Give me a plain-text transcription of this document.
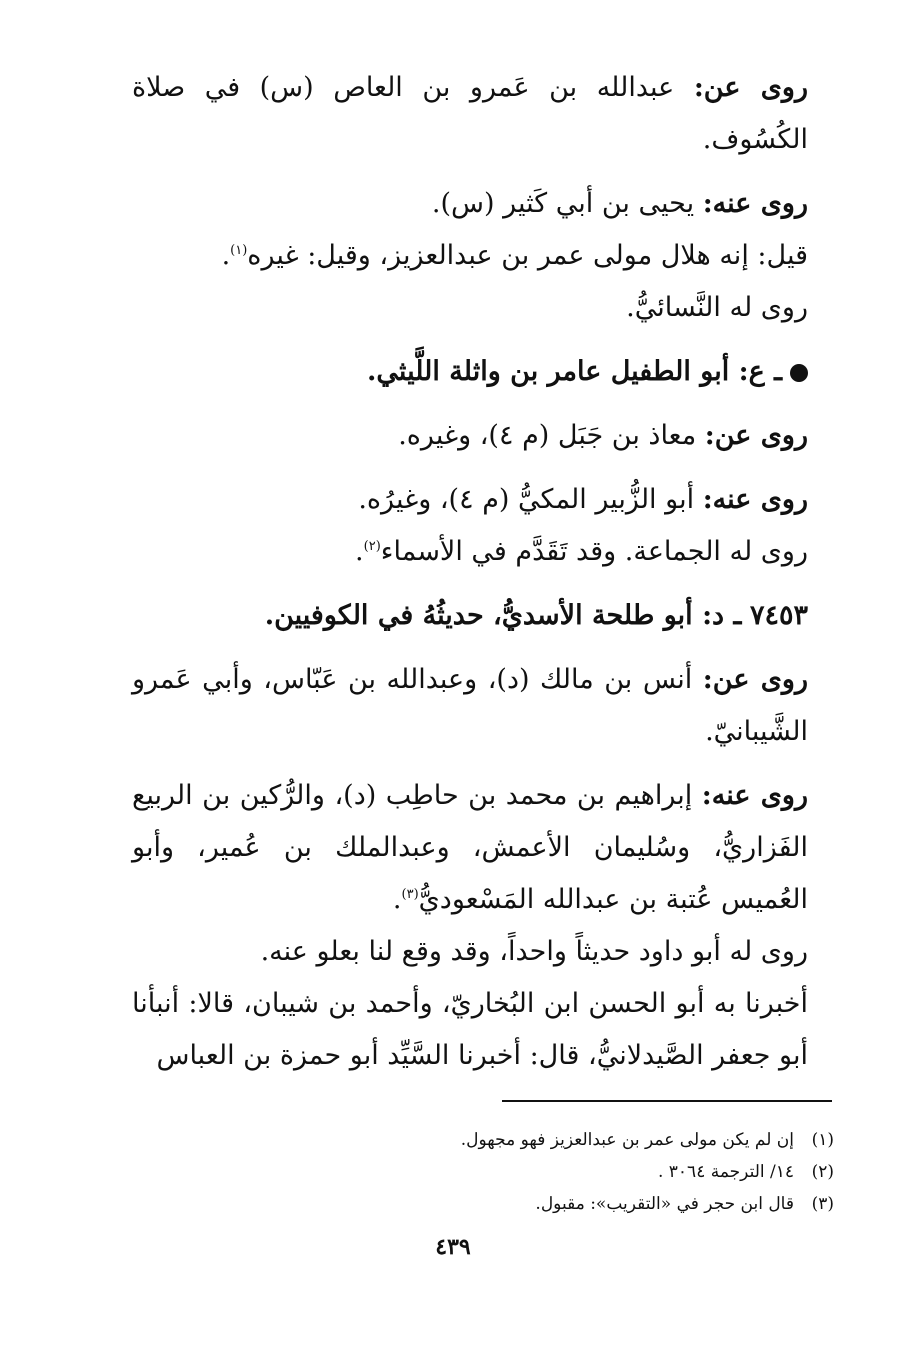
روى عن: عبدالله بن عَمرو بن العاص (س) في صلاة الكُسُوف.

روى عنه: يحيى بن أبي كَثير (س).

قيل: إنه هلال مولى عمر بن عبدالعزيز، وقيل: غيره$^{(١)}$.

روى له النَّسائيُّ.

ـ ع: أبو الطفيل عامر بن واثلة اللَّيثي.

روى عن: معاذ بن جَبَل (م ٤)، وغيره.

روى عنه: أبو الزُّبير المكيُّ (م ٤)، وغيرُه.

روى له الجماعة. وقد تَقَدَّم في الأسماء$^{(٢)}$.

٧٤٥٣ ـ د: أبو طلحة الأسديُّ، حديثُهُ في الكوفيين.

روى عن: أنس بن مالك (د)، وعبدالله بن عَبّاس، وأبي عَمرو الشَّيبانيّ.

روى عنه: إبراهيم بن محمد بن حاطِب (د)، والرُّكين بن الربيع الفَزاريُّ، وسُليمان الأعمش، وعبدالملك بن عُمير، وأبو العُميس عُتبة بن عبدالله المَسْعوديُّ$^{(٣)}$.

روى له أبو داود حديثاً واحداً، وقد وقع لنا بعلو عنه.

أخبرنا به أبو الحسن ابن البُخاريّ، وأحمد بن شيبان، قالا: أنبأنا أبو جعفر الصَّيدلانيُّ، قال: أخبرنا السَّيِّد أبو حمزة بن العباس

(١)إن لم يكن مولى عمر بن عبدالعزيز فهو مجهول.

(٢)١٤/ الترجمة ٣٠٦٤ .

(٣)قال ابن حجر في «التقريب»: مقبول.

٤٣٩
